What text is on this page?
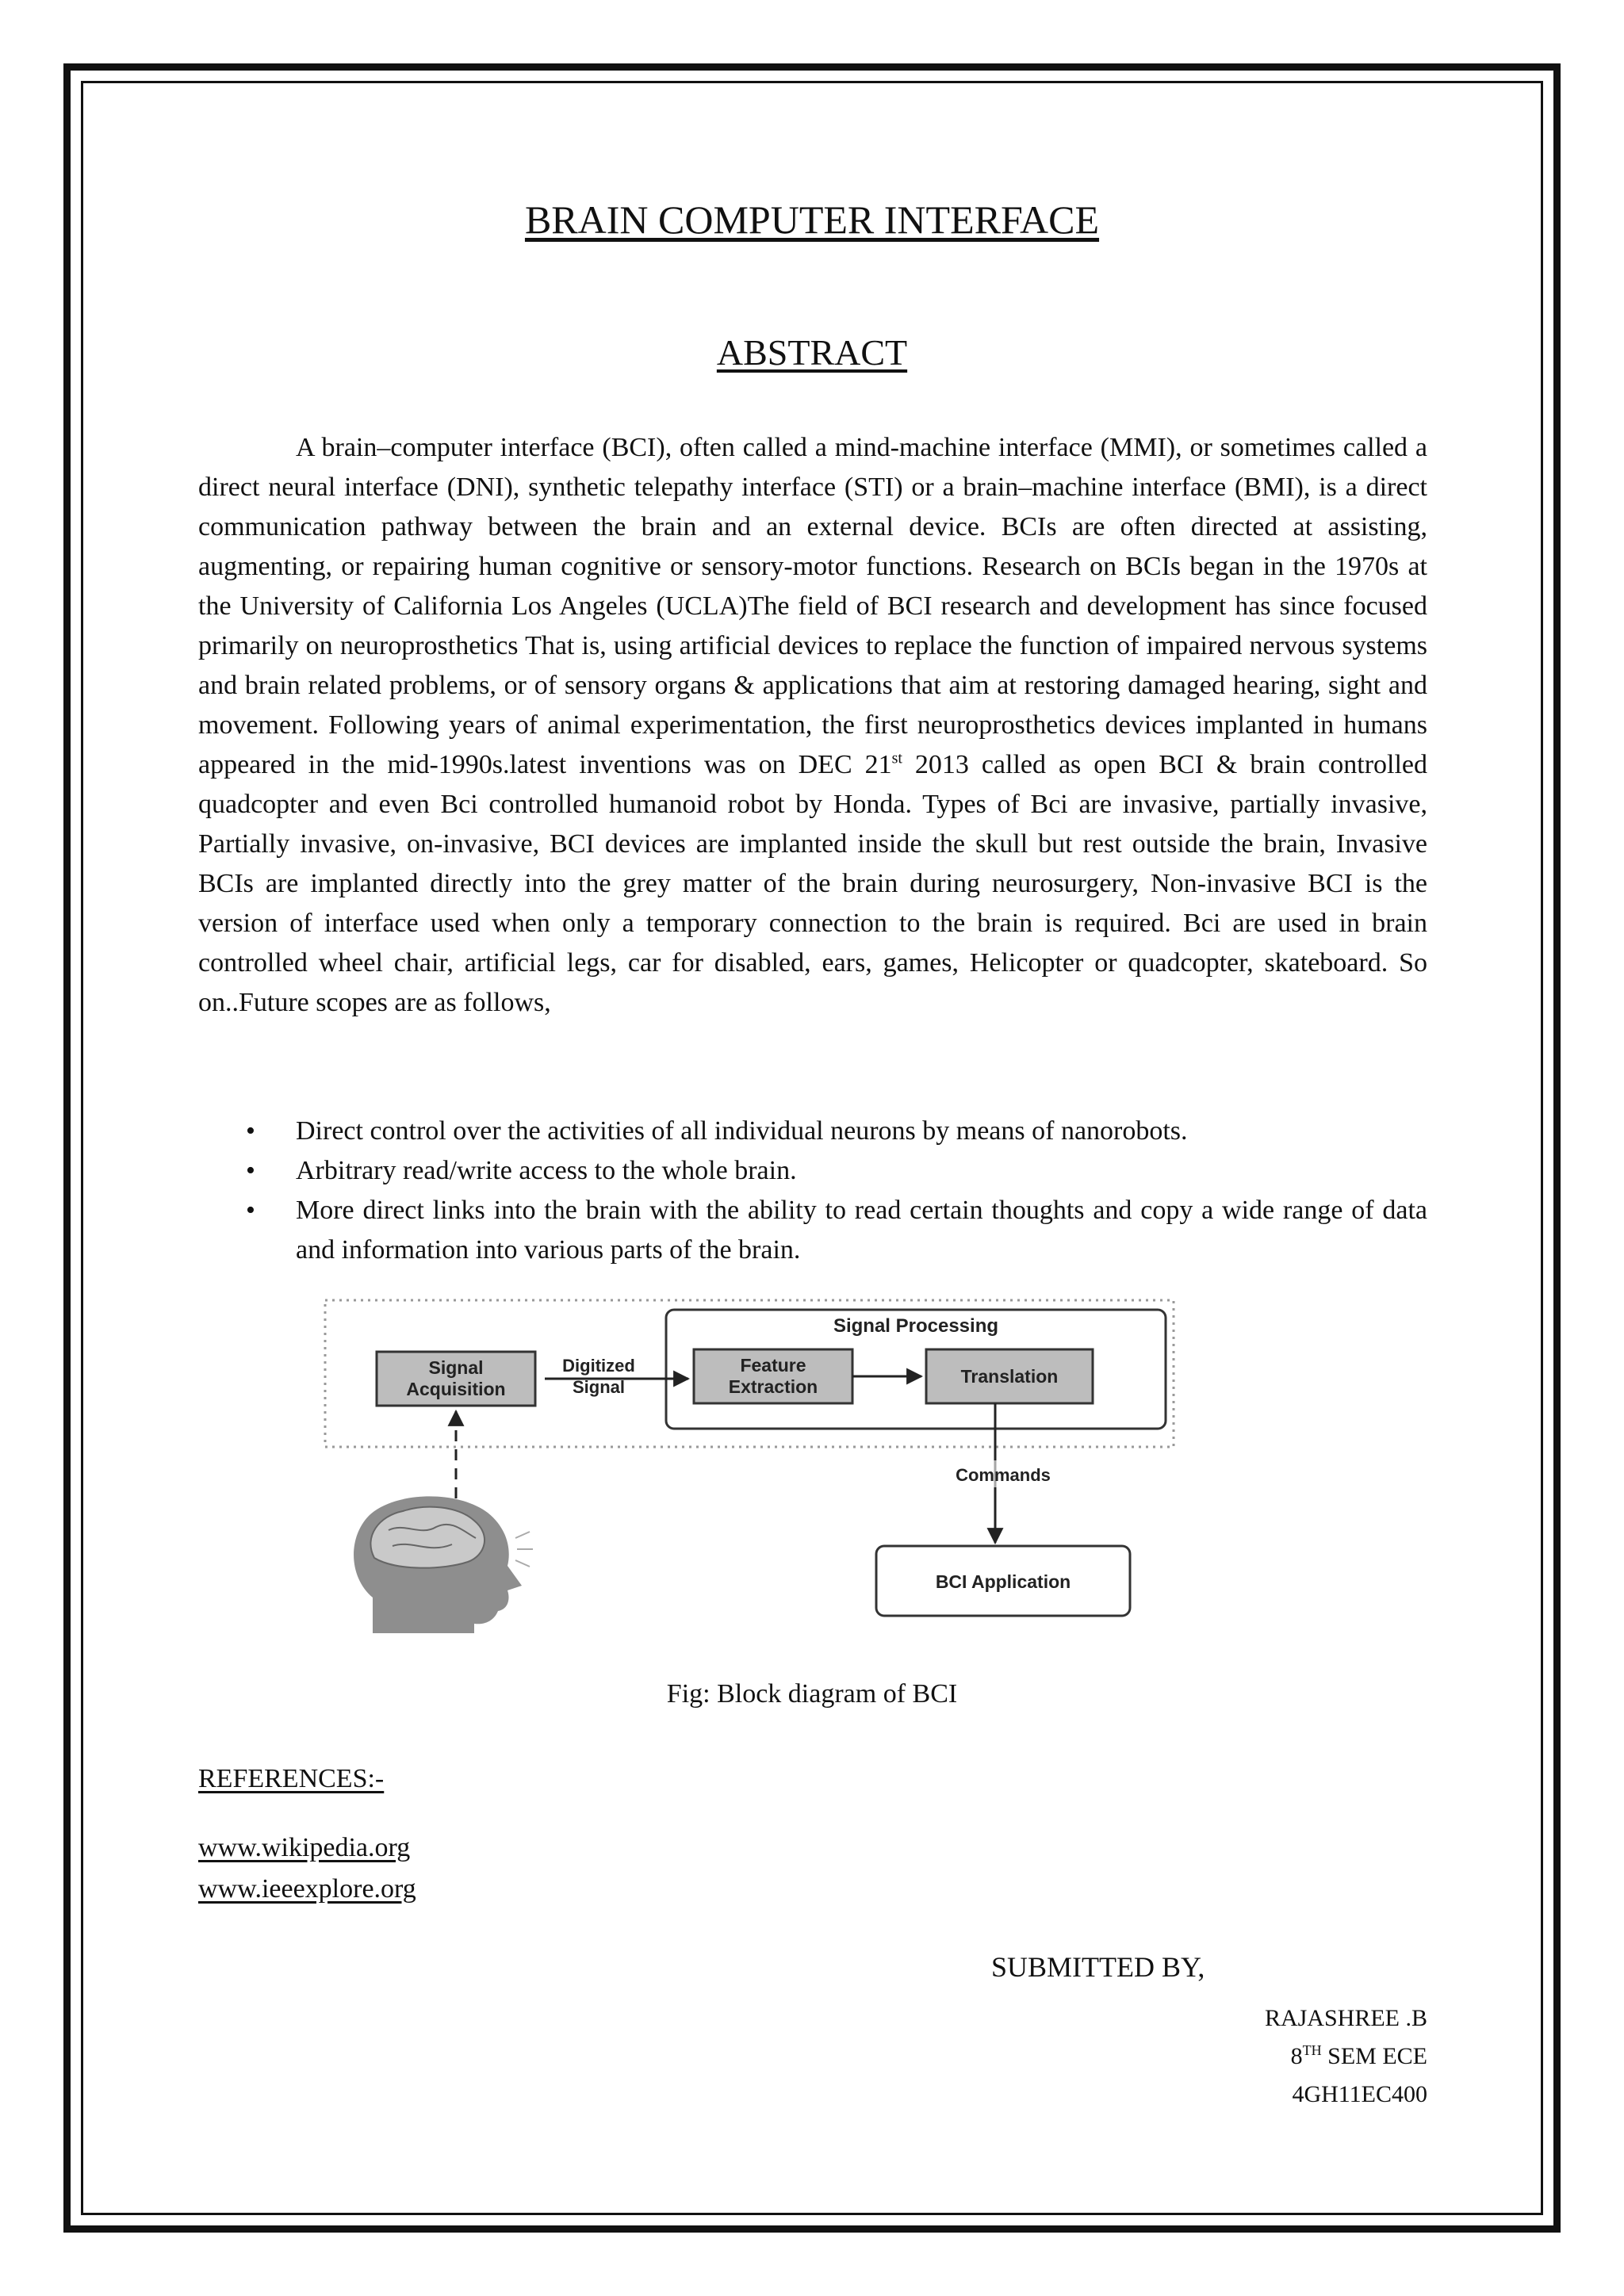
BRAIN COMPUTER INTERFACE
ABSTRACT

A brain–computer interface (BCI), often called a mind-machine interface (MMI), or sometimes called a direct neural interface (DNI), synthetic telepathy interface (STI) or a brain–machine interface (BMI), is a direct communication pathway between the brain and an external device. BCIs are often directed at assisting, augmenting, or repairing human cognitive or sensory-motor functions. Research on BCIs began in the 1970s at the University of California Los Angeles (UCLA)The field of BCI research and development has since focused primarily on neuroprosthetics That is, using artificial devices to replace the function of impaired nervous systems and brain related problems, or of sensory organs & applications that aim at restoring damaged hearing, sight and movement. Following years of animal experimentation, the first neuroprosthetics devices implanted in humans appeared in the mid-1990s.latest inventions was on DEC 21st 2013 called as open BCI & brain controlled quadcopter and even Bci controlled humanoid robot by Honda. Types of Bci are invasive, partially invasive, Partially invasive, on-invasive, BCI devices are implanted inside the skull but rest outside the brain, Invasive BCIs are implanted directly into the grey matter of the brain during neurosurgery, Non-invasive BCI is the version of interface used when only a temporary connection to the brain is required. Bci are used in brain controlled wheel chair, artificial legs, car for disabled, ears, games, Helicopter or quadcopter, skateboard. So on..Future scopes are as follows,

• Direct control over the activities of all individual neurons by means of nanorobots.
• Arbitrary read/write access to the whole brain.
• More direct links into the brain with the ability to read certain thoughts and copy a wide range of data and information into various parts of the brain.
Signal Processing
Signal
Acquisition
Digitized
Signal
Feature
Extraction	Translation
Commands
BCI Application
Fig: Block diagram of BCI
REFERENCES:-
www.wikipedia.org
www.ieeexplore.org
SUBMITTED BY,
RAJASHREE .B
8TH SEM ECE
4GH11EC400
